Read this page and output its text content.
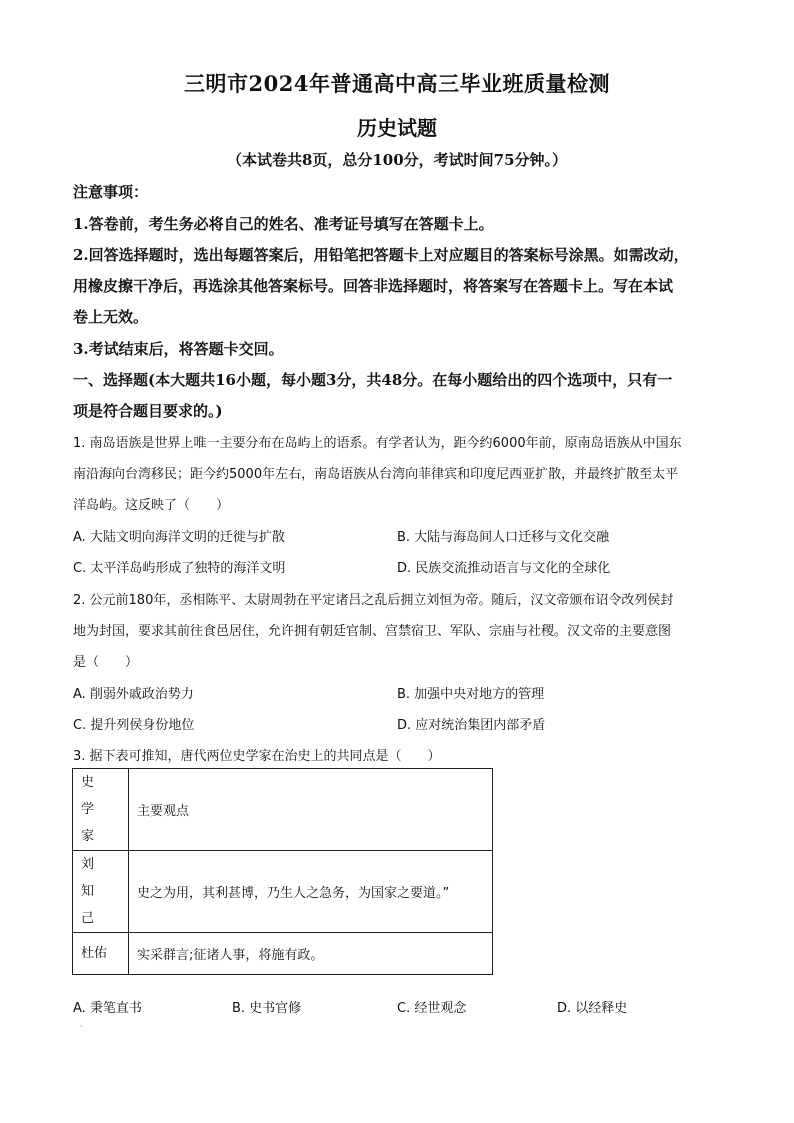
三明市2024年普通高中高三毕业班质量检测
历史试题
（本试卷共8页，总分100分，考试时间75分钟。）
注意事项：
1.答卷前，考生务必将自己的姓名、准考证号填写在答题卡上。
2.回答选择题时，选出每题答案后，用铅笔把答题卡上对应题目的答案标号涂黑。如需改动，
用橡皮擦干净后，再选涂其他答案标号。回答非选择题时，将答案写在答题卡上。写在本试
卷上无效。
3.考试结束后，将答题卡交回。
一、选择题(本大题共16小题，每小题3分，共48分。在每小题给出的四个选项中，只有一
项是符合题目要求的。)
1. 南岛语族是世界上唯一主要分布在岛屿上的语系。有学者认为，距今约6000年前，原南岛语族从中国东
南沿海向台湾移民；距今约5000年左右，南岛语族从台湾向菲律宾和印度尼西亚扩散，并最终扩散至太平
洋岛屿。这反映了（　　）
A. 大陆文明向海洋文明的迁徙与扩散	B. 大陆与海岛间人口迁移与文化交融
C. 太平洋岛屿形成了独特的海洋文明	D. 民族交流推动语言与文化的全球化
2. 公元前180年，丞相陈平、太尉周勃在平定诸吕之乱后拥立刘恒为帝。随后，汉文帝颁布诏令改列侯封
地为封国，要求其前往食邑居住，允许拥有朝廷官制、宫禁宿卫、军队、宗庙与社稷。汉文帝的主要意图
是（　　）
A. 削弱外戚政治势力	B. 加强中央对地方的管理
C. 提升列侯身份地位	D. 应对统治集团内部矛盾
3. 据下表可推知，唐代两位史学家在治史上的共同点是（　　）
史学家	主要观点
刘知己	史之为用，其利甚博，乃生人之急务，为国家之要道。”
杜佑	实采群言;征诸人事，将施有政。
A. 秉笔直书	B. 史书官修	C. 经世观念	D. 以经释史
·
